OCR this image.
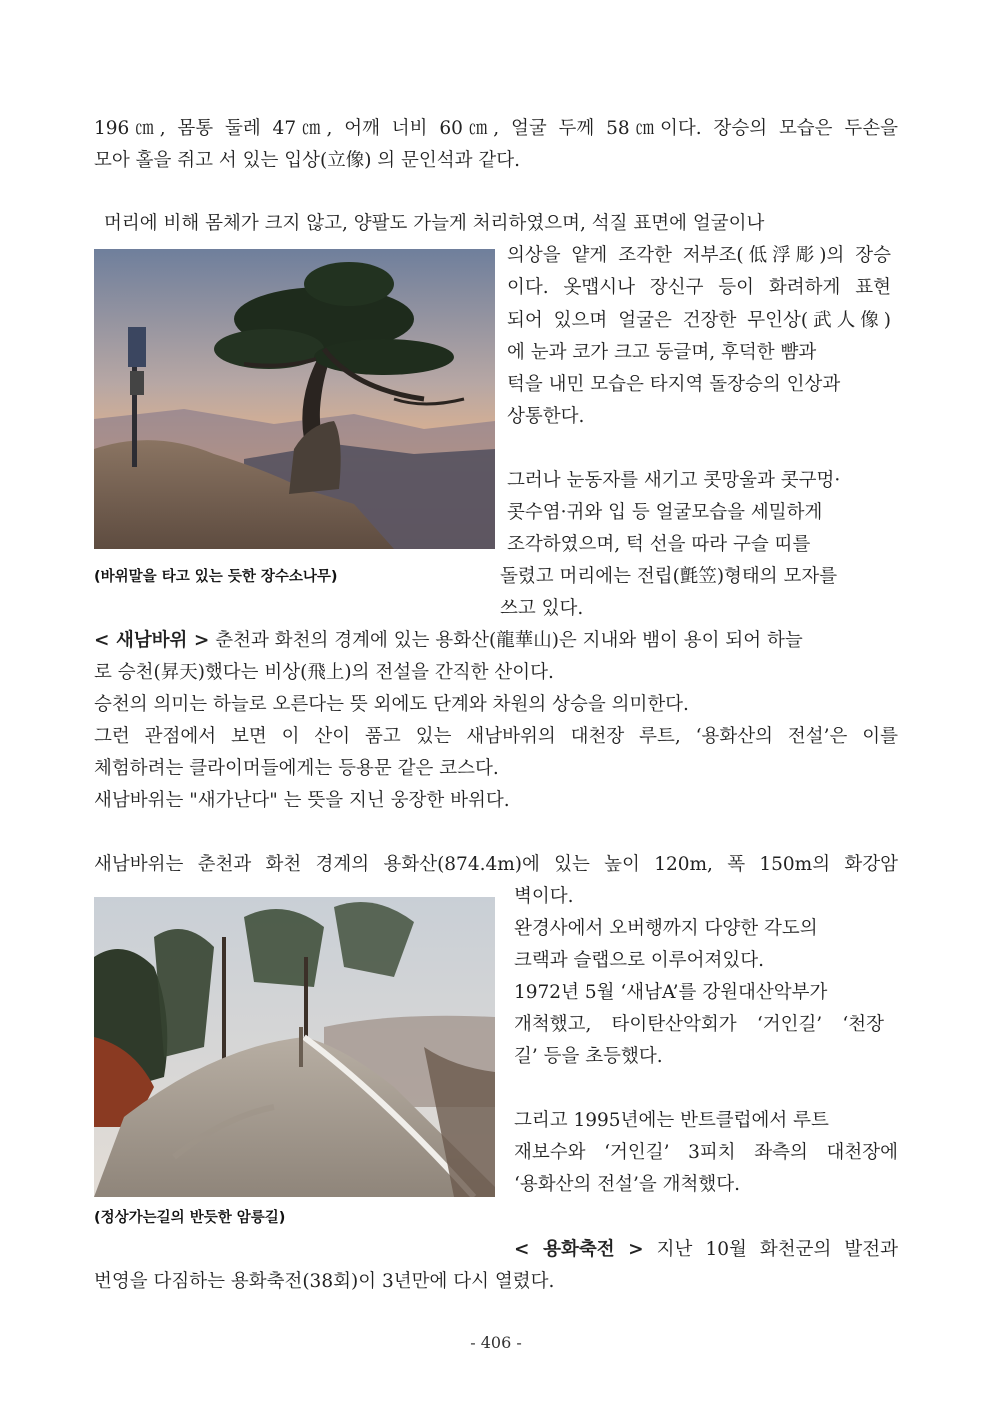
196㎝, 몸통 둘레 47㎝, 어깨 너비 60㎝, 얼굴 두께 58㎝이다. 장승의 모습은 두손을
모아 홀을 쥐고 서 있는 입상(立像) 의 문인석과 같다.
머리에 비해 몸체가 크지 않고, 양팔도 가늘게 처리하였으며, 석질 표면에 얼굴이나
(바위말을 타고 있는 듯한 장수소나무)
의상을 얕게 조각한 저부조(低浮彫)의 장승
이다. 옷맵시나 장신구 등이 화려하게 표현
되어 있으며 얼굴은 건장한 무인상(武人像)
에 눈과 코가 크고 둥글며, 후덕한 뺨과
턱을 내민 모습은 타지역 돌장승의 인상과
상통한다.
그러나 눈동자를 새기고 콧망울과 콧구멍·
콧수염·귀와 입 등 얼굴모습을 세밀하게
조각하였으며, 턱 선을 따라 구슬 띠를
돌렸고 머리에는 전립(氈笠)형태의 모자를
쓰고 있다.
< 새남바위 > 춘천과 화천의 경계에 있는 용화산(龍華山)은 지내와 뱀이 용이 되어 하늘
로 승천(昇天)했다는 비상(飛上)의 전설을 간직한 산이다.
승천의 의미는 하늘로 오른다는 뜻 외에도 단계와 차원의 상승을 의미한다.
그런 관점에서 보면 이 산이 품고 있는 새남바위의 대천장 루트, ‘용화산의 전설’은 이를
체험하려는 클라이머들에게는 등용문 같은 코스다.
새남바위는 "새가난다" 는 뜻을 지닌 웅장한 바위다.
새남바위는 춘천과 화천 경계의 용화산(874.4m)에 있는 높이 120m, 폭 150m의 화강암
(정상가는길의 반듯한 암릉길)
벽이다.
완경사에서 오버행까지 다양한 각도의
크랙과 슬랩으로 이루어져있다.
1972년 5월 ‘새남A’를 강원대산악부가
개척했고, 타이탄산악회가 ‘거인길’ ‘천장
길’ 등을 초등했다.
그리고 1995년에는 반트클럽에서 루트
재보수와 ‘거인길’ 3피치 좌측의 대천장에
‘용화산의 전설’을 개척했다.
< 용화축전 > 지난 10월 화천군의 발전과
번영을 다짐하는 용화축전(38회)이 3년만에 다시 열렸다.
- 406 -
